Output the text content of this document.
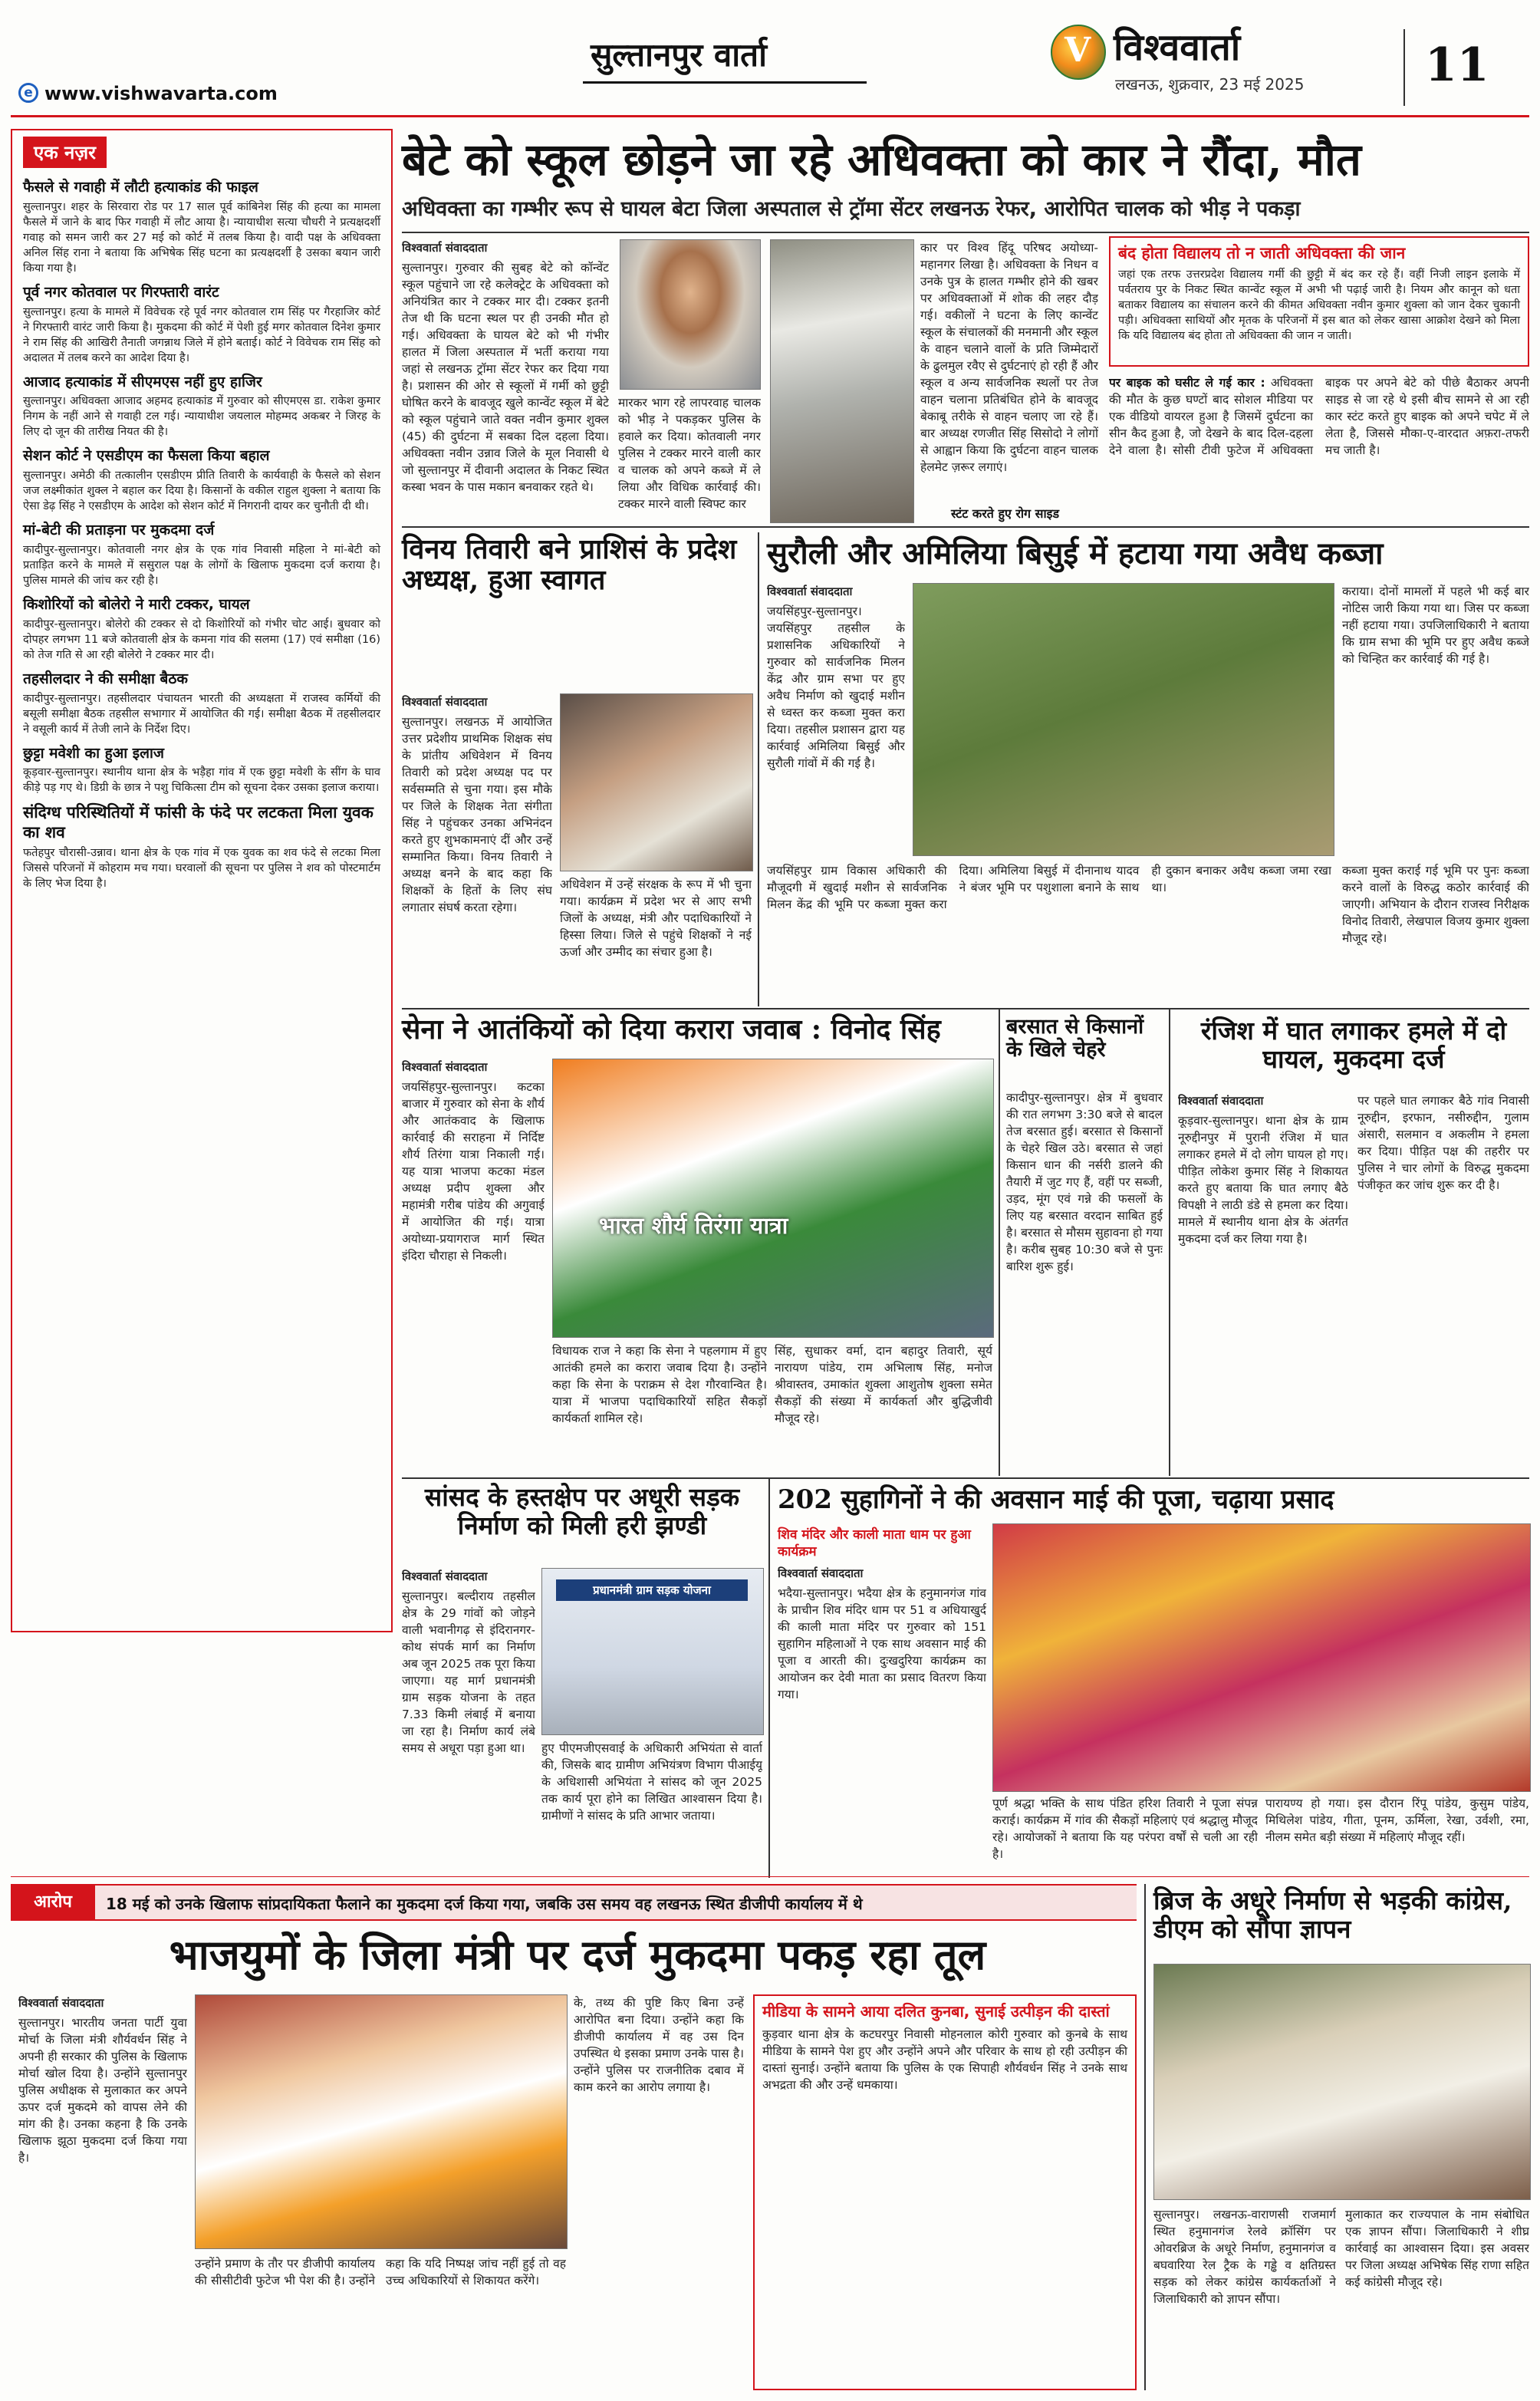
सुल्तानपुर वार्ता	V विश्ववार्ता
लखनऊ, शुक्रवार, 23 मई 2025	11
e www.vishwavarta.com
एक नज़र
फैसले से गवाही में लौटी हत्याकांड की फाइल
सुल्तानपुर। शहर के सिरवारा रोड पर 17 साल पूर्व कांबिनेश सिंह की हत्या का मामला फैसले में जाने के बाद फिर गवाही में लौट आया है। न्यायाधीश सत्या चौधरी ने प्रत्यक्षदर्शी गवाह को समन जारी कर 27 मई को कोर्ट में तलब किया है। वादी पक्ष के अधिवक्ता अनिल सिंह राना ने बताया कि अभिषेक सिंह घटना का प्रत्यक्षदर्शी है उसका बयान जारी किया गया है।
पूर्व नगर कोतवाल पर गिरफ्तारी वारंट
सुल्तानपुर। हत्या के मामले में विवेचक रहे पूर्व नगर कोतवाल राम सिंह पर गैरहाजिर कोर्ट ने गिरफ्तारी वारंट जारी किया है। मुकदमा की कोर्ट में पेशी हुई मगर कोतवाल दिनेश कुमार ने राम सिंह की आखिरी तैनाती जगन्नाथ जिले में होने बताई। कोर्ट ने विवेचक राम सिंह को अदालत में तलब करने का आदेश दिया है।
आजाद हत्याकांड में सीएमएस नहीं हुए हाजिर
सुल्तानपुर। अधिवक्ता आजाद अहमद हत्याकांड में गुरुवार को सीएमएस डा. राकेश कुमार निगम के नहीं आने से गवाही टल गई। न्यायाधीश जयलाल मोहम्मद अकबर ने जिरह के लिए दो जून की तारीख नियत की है।
सेशन कोर्ट ने एसडीएम का फैसला किया बहाल
सुल्तानपुर। अमेठी की तत्कालीन एसडीएम प्रीति तिवारी के कार्यवाही के फैसले को सेशन जज लक्ष्मीकांत शुक्ल ने बहाल कर दिया है। किसानों के वकील राहुल शुक्ला ने बताया कि ऐसा डेढ़ सिंह ने एसडीएम के आदेश को सेशन कोर्ट में निगरानी दायर कर चुनौती दी थी।
मां-बेटी की प्रताड़ना पर मुकदमा दर्ज
कादीपुर-सुल्तानपुर। कोतवाली नगर क्षेत्र के एक गांव निवासी महिला ने मां-बेटी को प्रताड़ित करने के मामले में ससुराल पक्ष के लोगों के खिलाफ मुकदमा दर्ज कराया है। पुलिस मामले की जांच कर रही है।
किशोरियों को बोलेरो ने मारी टक्कर, घायल
कादीपुर-सुल्तानपुर। बोलेरो की टक्कर से दो किशोरियों को गंभीर चोट आई। बुधवार को दोपहर लगभग 11 बजे कोतवाली क्षेत्र के कमना गांव की सलमा (17) एवं समीक्षा (16) को तेज गति से आ रही बोलेरो ने टक्कर मार दी।
तहसीलदार ने की समीक्षा बैठक
कादीपुर-सुल्तानपुर। तहसीलदार पंचायतन भारती की अध्यक्षता में राजस्व कर्मियों की बसूली समीक्षा बैठक तहसील सभागार में आयोजित की गई। समीक्षा बैठक में तहसीलदार ने वसूली कार्य में तेजी लाने के निर्देश दिए।
छुट्टा मवेशी का हुआ इलाज
कूड़वार-सुल्तानपुर। स्थानीय थाना क्षेत्र के भड़ैहा गांव में एक छुट्टा मवेशी के सींग के घाव कीड़े पड़ गए थे। डिग्री के छात्र ने पशु चिकित्सा टीम को सूचना देकर उसका इलाज कराया।
संदिग्ध परिस्थितियों में फांसी के फंदे पर लटकता मिला युवक का शव
फतेहपुर चौरासी-उन्नाव। थाना क्षेत्र के एक गांव में एक युवक का शव फंदे से लटका मिला जिससे परिजनों में कोहराम मच गया। घरवालों की सूचना पर पुलिस ने शव को पोस्टमार्टम के लिए भेज दिया है।
बेटे को स्कूल छोड़ने जा रहे अधिवक्ता को कार ने रौंदा, मौत
अधिवक्ता का गम्भीर रूप से घायल बेटा जिला अस्पताल से ट्रॉमा सेंटर लखनऊ रेफर, आरोपित चालक को भीड़ ने पकड़ा
विश्ववार्ता संवाददाता
सुल्तानपुर। गुरुवार की सुबह बेटे को कॉन्वेंट स्कूल पहुंचाने जा रहे कलेक्ट्रेट के अधिवक्ता को अनियंत्रित कार ने टक्कर मार दी। टक्कर इतनी तेज थी कि घटना स्थल पर ही उनकी मौत हो गई। अधिवक्ता के घायल बेटे को भी गंभीर हालत में जिला अस्पताल में भर्ती कराया गया जहां से लखनऊ ट्रॉमा सेंटर रेफर कर दिया गया है। प्रशासन की ओर से स्कूलों में गर्मी को छुट्टी घोषित करने के बावजूद खुले कान्वेंट स्कूल में बेटे को स्कूल पहुंचाने जाते वक्त नवीन कुमार शुक्ल (45) की दुर्घटना में सबका दिल दहला दिया। अधिवक्ता नवीन उन्नाव जिले के मूल निवासी थे जो सुल्तानपुर में दीवानी अदालत के निकट स्थित कस्बा भवन के पास मकान बनवाकर रहते थे।
मारकर भाग रहे लापरवाह चालक को भीड़ ने पकड़कर पुलिस के हवाले कर दिया। कोतवाली नगर पुलिस ने टक्कर मारने वाली कार व चालक को अपने कब्जे में ले लिया और विधिक कार्रवाई की। टक्कर मारने वाली स्विफ्ट कार
कार पर विश्व हिंदू परिषद अयोध्या-महानगर लिखा है। अधिवक्ता के निधन व उनके पुत्र के हालत गम्भीर होने की खबर पर अधिवक्ताओं में शोक की लहर दौड़ गई। वकीलों ने घटना के लिए कान्वेंट स्कूल के संचालकों की मनमानी और स्कूल के वाहन चलाने वालों के प्रति जिम्मेदारों के ढुलमुल रवैए से दुर्घटनाएं हो रही हैं और स्कूल व अन्य सार्वजनिक स्थलों पर तेज वाहन चलाना प्रतिबंधित होने के बावजूद बेकाबू तरीके से वाहन चलाए जा रहे हैं। बार अध्यक्ष रणजीत सिंह सिसोदो ने लोगों से आह्वान किया कि दुर्घटना वाहन चालक हेलमेट ज़रूर लगाएं।
स्टंट करते हुए रोग साइड
बंद होता विद्यालय तो न जाती अधिवक्ता की जान
जहां एक तरफ उत्तरप्रदेश विद्यालय गर्मी की छुट्टी में बंद कर रहे हैं। वहीं निजी लाइन इलाके में पर्वतराय पुर के निकट स्थित कान्वेंट स्कूल में अभी भी पढ़ाई जारी है। नियम और कानून को धता बताकर विद्यालय का संचालन करने की कीमत अधिवक्ता नवीन कुमार शुक्ला को जान देकर चुकानी पड़ी। अधिवक्ता साथियों और मृतक के परिजनों में इस बात को लेकर खासा आक्रोश देखने को मिला कि यदि विद्यालय बंद होता तो अधिवक्ता की जान न जाती।
पर बाइक को घसीट ले गई कार : अधिवक्ता की मौत के कुछ घण्टों बाद सोशल मीडिया पर एक वीडियो वायरल हुआ है जिसमें दुर्घटना का सीन कैद हुआ है, जो देखने के बाद दिल-दहला देने वाला है। सोसी टीवी फुटेज में अधिवक्ता बाइक पर अपने बेटे को पीछे बैठाकर अपनी साइड से जा रहे थे इसी बीच सामने से आ रही कार स्टंट करते हुए बाइक को अपने चपेट में ले लेता है, जिससे मौका-ए-वारदात अफ़रा-तफरी मच जाती है।
विनय तिवारी बने प्राशिसं के प्रदेश अध्यक्ष, हुआ स्वागत
विश्ववार्ता संवाददाता
सुल्तानपुर। लखनऊ में आयोजित उत्तर प्रदेशीय प्राथमिक शिक्षक संघ के प्रांतीय अधिवेशन में विनय तिवारी को प्रदेश अध्यक्ष पद पर सर्वसम्मति से चुना गया। इस मौके पर जिले के शिक्षक नेता संगीता सिंह ने पहुंचकर उनका अभिनंदन करते हुए शुभकामनाएं दीं और उन्हें सम्मानित किया। विनय तिवारी ने अध्यक्ष बनने के बाद कहा कि शिक्षकों के हितों के लिए संघ लगातार संघर्ष करता रहेगा।
अधिवेशन में उन्हें संरक्षक के रूप में भी चुना गया। कार्यक्रम में प्रदेश भर से आए सभी जिलों के अध्यक्ष, मंत्री और पदाधिकारियों ने हिस्सा लिया। जिले से पहुंचे शिक्षकों ने नई ऊर्जा और उम्मीद का संचार हुआ है।
सुरौली और अमिलिया बिसुई में हटाया गया अवैध कब्जा
विश्ववार्ता संवाददाता
जयसिंहपुर-सुल्तानपुर। जयसिंहपुर तहसील के प्रशासनिक अधिकारियों ने गुरुवार को सार्वजनिक मिलन केंद्र और ग्राम सभा पर हुए अवैध निर्माण को खुदाई मशीन से ध्वस्त कर कब्जा मुक्त करा दिया। तहसील प्रशासन द्वारा यह कार्रवाई अमिलिया बिसुई और सुरौली गांवों में की गई है।
कराया। दोनों मामलों में पहले भी कई बार नोटिस जारी किया गया था। जिस पर कब्जा नहीं हटाया गया। उपजिलाधिकारी ने बताया कि ग्राम सभा की भूमि पर हुए अवैध कब्जे को चिन्हित कर कार्रवाई की गई है।
जयसिंहपुर ग्राम विकास अधिकारी की मौजूदगी में खुदाई मशीन से सार्वजनिक मिलन केंद्र की भूमि पर कब्जा मुक्त करा दिया। अमिलिया बिसुई में दीनानाथ यादव ने बंजर भूमि पर पशुशाला बनाने के साथ ही दुकान बनाकर अवैध कब्जा जमा रखा था।
कब्जा मुक्त कराई गई भूमि पर पुनः कब्जा करने वालों के विरुद्ध कठोर कार्रवाई की जाएगी। अभियान के दौरान राजस्व निरीक्षक विनोद तिवारी, लेखपाल विजय कुमार शुक्ला मौजूद रहे।
सेना ने आतंकियों को दिया करारा जवाब : विनोद सिंह
विश्ववार्ता संवाददाता
जयसिंहपुर-सुल्तानपुर। कटका बाजार में गुरुवार को सेना के शौर्य और आतंकवाद के खिलाफ कार्रवाई की सराहना में निर्दिष्ट शौर्य तिरंगा यात्रा निकाली गई। यह यात्रा भाजपा कटका मंडल अध्यक्ष प्रदीप शुक्ला और महामंत्री गरीब पांडेय की अगुवाई में आयोजित की गई। यात्रा अयोध्या-प्रयागराज मार्ग स्थित इंदिरा चौराहा से निकली।
भारत शौर्य तिरंगा यात्रा
विधायक राज ने कहा कि सेना ने पहलगाम में हुए आतंकी हमले का करारा जवाब दिया है। उन्होंने कहा कि सेना के पराक्रम से देश गौरवान्वित है। यात्रा में भाजपा पदाधिकारियों सहित सैकड़ों कार्यकर्ता शामिल रहे।
सिंह, सुधाकर वर्मा, दान बहादुर तिवारी, सूर्य नारायण पांडेय, राम अभिलाष सिंह, मनोज श्रीवास्तव, उमाकांत शुक्ला आशुतोष शुक्ला समेत सैकड़ों की संख्या में कार्यकर्ता और बुद्धिजीवी मौजूद रहे।
बरसात से किसानों के खिले चेहरे
कादीपुर-सुल्तानपुर। क्षेत्र में बुधवार की रात लगभग 3:30 बजे से बादल तेज बरसात हुई। बरसात से किसानों के चेहरे खिल उठे। बरसात से जहां किसान धान की नर्सरी डालने की तैयारी में जुट गए हैं, वहीं पर सब्जी, उड़द, मूंग एवं गन्ने की फसलों के लिए यह बरसात वरदान साबित हुई है। बरसात से मौसम सुहावना हो गया है। करीब सुबह 10:30 बजे से पुनः बारिश शुरू हुई।
रंजिश में घात लगाकर हमले में दो घायल, मुकदमा दर्ज
विश्ववार्ता संवाददाता
कूड़वार-सुल्तानपुर। थाना क्षेत्र के ग्राम नूरुद्दीनपुर में पुरानी रंजिश में घात लगाकर हमले में दो लोग घायल हो गए। पीड़ित लोकेश कुमार सिंह ने शिकायत करते हुए बताया कि घात लगाए बैठे विपक्षी ने लाठी डंडे से हमला कर दिया। मामले में स्थानीय थाना क्षेत्र के अंतर्गत मुकदमा दर्ज कर लिया गया है।
पर पहले घात लगाकर बैठे गांव निवासी नूरुद्दीन, इरफान, नसीरुद्दीन, गुलाम अंसारी, सलमान व अकलीम ने हमला कर दिया। पीड़ित पक्ष की तहरीर पर पुलिस ने चार लोगों के विरुद्ध मुकदमा पंजीकृत कर जांच शुरू कर दी है।
सांसद के हस्तक्षेप पर अधूरी सड़क निर्माण को मिली हरी झण्डी
विश्ववार्ता संवाददाता
सुल्तानपुर। बल्दीराय तहसील क्षेत्र के 29 गांवों को जोड़ने वाली भवानीगढ़ से इंदिरानगर-कोथ संपर्क मार्ग का निर्माण अब जून 2025 तक पूरा किया जाएगा। यह मार्ग प्रधानमंत्री ग्राम सड़क योजना के तहत 7.33 किमी लंबाई में बनाया जा रहा है। निर्माण कार्य लंबे समय से अधूरा पड़ा हुआ था।
प्रधानमंत्री ग्राम सड़क योजना
हुए पीएमजीएसवाई के अधिकारी अभियंता से वार्ता की, जिसके बाद ग्रामीण अभियंत्रण विभाग पीआईयू के अधिशासी अभियंता ने सांसद को जून 2025 तक कार्य पूरा होने का लिखित आश्वासन दिया है। ग्रामीणों ने सांसद के प्रति आभार जताया।
202 सुहागिनों ने की अवसान माई की पूजा, चढ़ाया प्रसाद
शिव मंदिर और काली माता धाम पर हुआ कार्यक्रम
विश्ववार्ता संवाददाता
भदैया-सुल्तानपुर। भदैया क्षेत्र के हनुमानगंज गांव के प्राचीन शिव मंदिर धाम पर 51 व अधियाखुर्द की काली माता मंदिर पर गुरुवार को 151 सुहागिन महिलाओं ने एक साथ अवसान माई की पूजा व आरती की। दुःखदुरिया कार्यक्रम का आयोजन कर देवी माता का प्रसाद वितरण किया गया।
पूर्ण श्रद्धा भक्ति के साथ पंडित हरिश तिवारी ने पूजा संपन्न कराई। कार्यक्रम में गांव की सैकड़ों महिलाएं एवं श्रद्धालु मौजूद रहे। आयोजकों ने बताया कि यह परंपरा वर्षों से चली आ रही है।
पारायण्य हो गया। इस दौरान रिंपू पांडेय, कुसुम पांडेय, मिथिलेश पांडेय, गीता, पूनम, ऊर्मिला, रेखा, उर्वशी, रमा, नीलम समेत बड़ी संख्या में महिलाएं मौजूद रहीं।
आरोप	18 मई को उनके खिलाफ सांप्रदायिकता फैलाने का मुकदमा दर्ज किया गया, जबकि उस समय वह लखनऊ स्थित डीजीपी कार्यालय में थे
भाजयुमों के जिला मंत्री पर दर्ज मुकदमा पकड़ रहा तूल
विश्ववार्ता संवाददाता
सुल्तानपुर। भारतीय जनता पार्टी युवा मोर्चा के जिला मंत्री शौर्यवर्धन सिंह ने अपनी ही सरकार की पुलिस के खिलाफ मोर्चा खोल दिया है। उन्होंने सुल्तानपुर पुलिस अधीक्षक से मुलाकात कर अपने ऊपर दर्ज मुकदमे को वापस लेने की मांग की है। उनका कहना है कि उनके खिलाफ झूठा मुकदमा दर्ज किया गया है।
उन्होंने प्रमाण के तौर पर डीजीपी कार्यालय की सीसीटीवी फुटेज भी पेश की है। उन्होंने कहा कि यदि निष्पक्ष जांच नहीं हुई तो वह उच्च अधिकारियों से शिकायत करेंगे।
के, तथ्य की पुष्टि किए बिना उन्हें आरोपित बना दिया। उन्होंने कहा कि डीजीपी कार्यालय में वह उस दिन उपस्थित थे इसका प्रमाण उनके पास है। उन्होंने पुलिस पर राजनीतिक दबाव में काम करने का आरोप लगाया है।
मीडिया के सामने आया दलित कुनबा, सुनाई उत्पीड़न की दास्तां
कुड़वार थाना क्षेत्र के कटघरपुर निवासी मोहनलाल कोरी गुरुवार को कुनबे के साथ मीडिया के सामने पेश हुए और उन्होंने अपने और परिवार के साथ हो रही उत्पीड़न की दास्तां सुनाई। उन्होंने बताया कि पुलिस के एक सिपाही शौर्यवर्धन सिंह ने उनके साथ अभद्रता की और उन्हें धमकाया।
ब्रिज के अधूरे निर्माण से भड़की कांग्रेस, डीएम को सौंपा ज्ञापन
सुल्तानपुर। लखनऊ-वाराणसी राजमार्ग स्थित हनुमानगंज रेलवे क्रॉसिंग पर ओवरब्रिज के अधूरे निर्माण, हनुमानगंज व बघवारिया रेल ट्रैक के गड्ढे व क्षतिग्रस्त सड़क को लेकर कांग्रेस कार्यकर्ताओं ने जिलाधिकारी को ज्ञापन सौंपा।
मुलाकात कर राज्यपाल के नाम संबोधित एक ज्ञापन सौंपा। जिलाधिकारी ने शीघ्र कार्रवाई का आश्वासन दिया। इस अवसर पर जिला अध्यक्ष अभिषेक सिंह राणा सहित कई कांग्रेसी मौजूद रहे।
